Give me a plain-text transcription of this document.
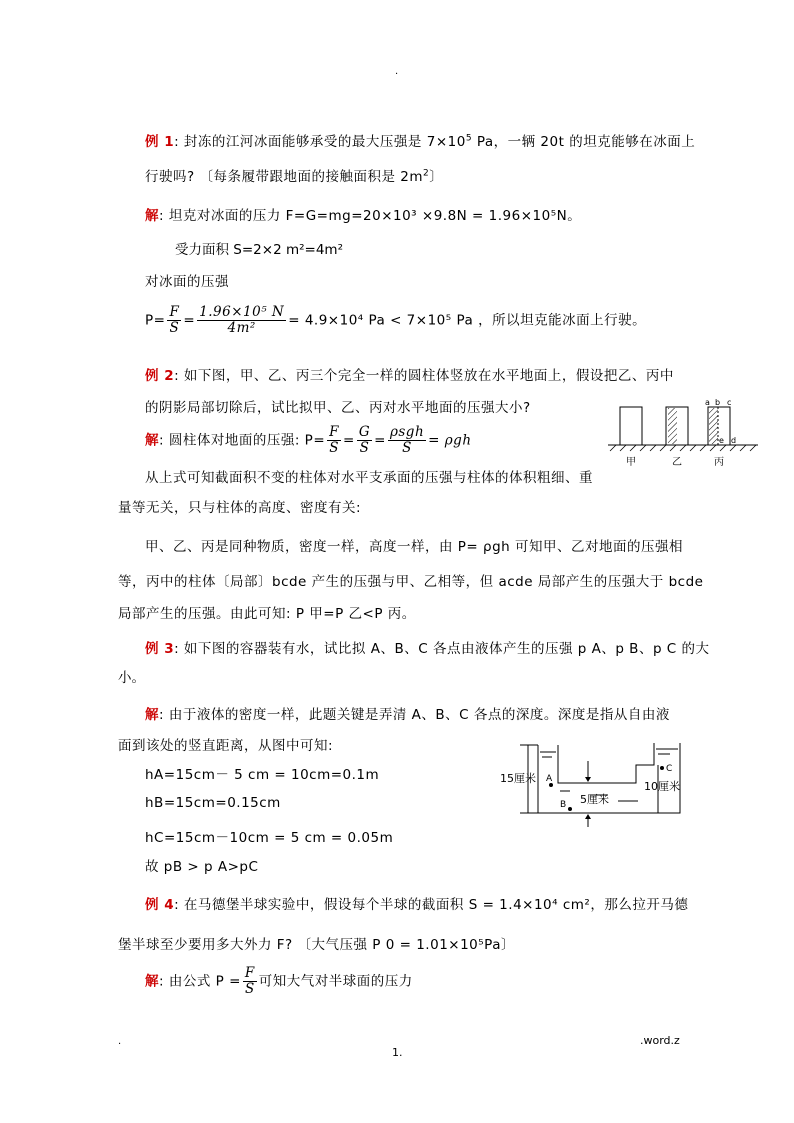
.
例 1: 封冻的江河冰面能够承受的最大压强是 $7\times 10^5$ Pa，一辆 20t 的坦克能够在冰面上
行驶吗? 〔每条履带跟地面的接触面积是 $2m^2$〕
解: 坦克对冰面的压力 F=G=mg=20×10³ ×9.8N = 1.96×10⁵N。
受力面积 S=2×2 m²=4m²
对冰面的压强
$P= \frac{F}{S} = \frac{\text{1.96×10⁵ N}}{\text{4m²}} = 4.9\times 10^4$ Pa < 7×10⁵ Pa ，所以坦克能冰面上行驶。
例 2: 如下图，甲、乙、丙三个完全一样的圆柱体竖放在水平地面上，假设把乙、丙中
的阴影局部切除后，试比拟甲、乙、丙对水平地面的压强大小?
解: 圆柱体对地面的压强: $P= \frac{F}{S} = \frac{G}{S} = \frac{\text{ρsgh}}{S} = \rho gh$
从上式可知截面积不变的柱体对水平支承面的压强与柱体的体积粗细、重
量等无关，只与柱体的高度、密度有关:
甲、乙、丙是同种物质，密度一样，高度一样，由 P= ρgh 可知甲、乙对地面的压强相
等，丙中的柱体〔局部〕bcde 产生的压强与甲、乙相等，但 acde 局部产生的压强大于 bcde
局部产生的压强。由此可知: P 甲=P 乙<P 丙。
a b c
e d
甲	乙	丙
例 3: 如下图的容器装有水，试比拟 A、B、C 各点由液体产生的压强 p A、p B、p C 的大
小。
解: 由于液体的密度一样，此题关键是弄清 A、B、C 各点的深度。深度是指从自由液
面到该处的竖直距离，从图中可知:
hA=15cm－ 5 cm = 10cm=0.1m
hB=15cm=0.15cm
hC=15cm－10cm = 5 cm = 0.05m
故 pB > p A>pC
15厘米
5厘米
10厘米
A
B
C
例 4: 在马德堡半球实验中，假设每个半球的截面积 S = 1.4×10⁴ cm²，那么拉开马德
堡半球至少要用多大外力 F? 〔大气压强 P 0 = 1.01×10⁵Pa〕
解: 由公式 $P = \frac{F}{S}$ 可知大气对半球面的压力
.	.word.z
1.
